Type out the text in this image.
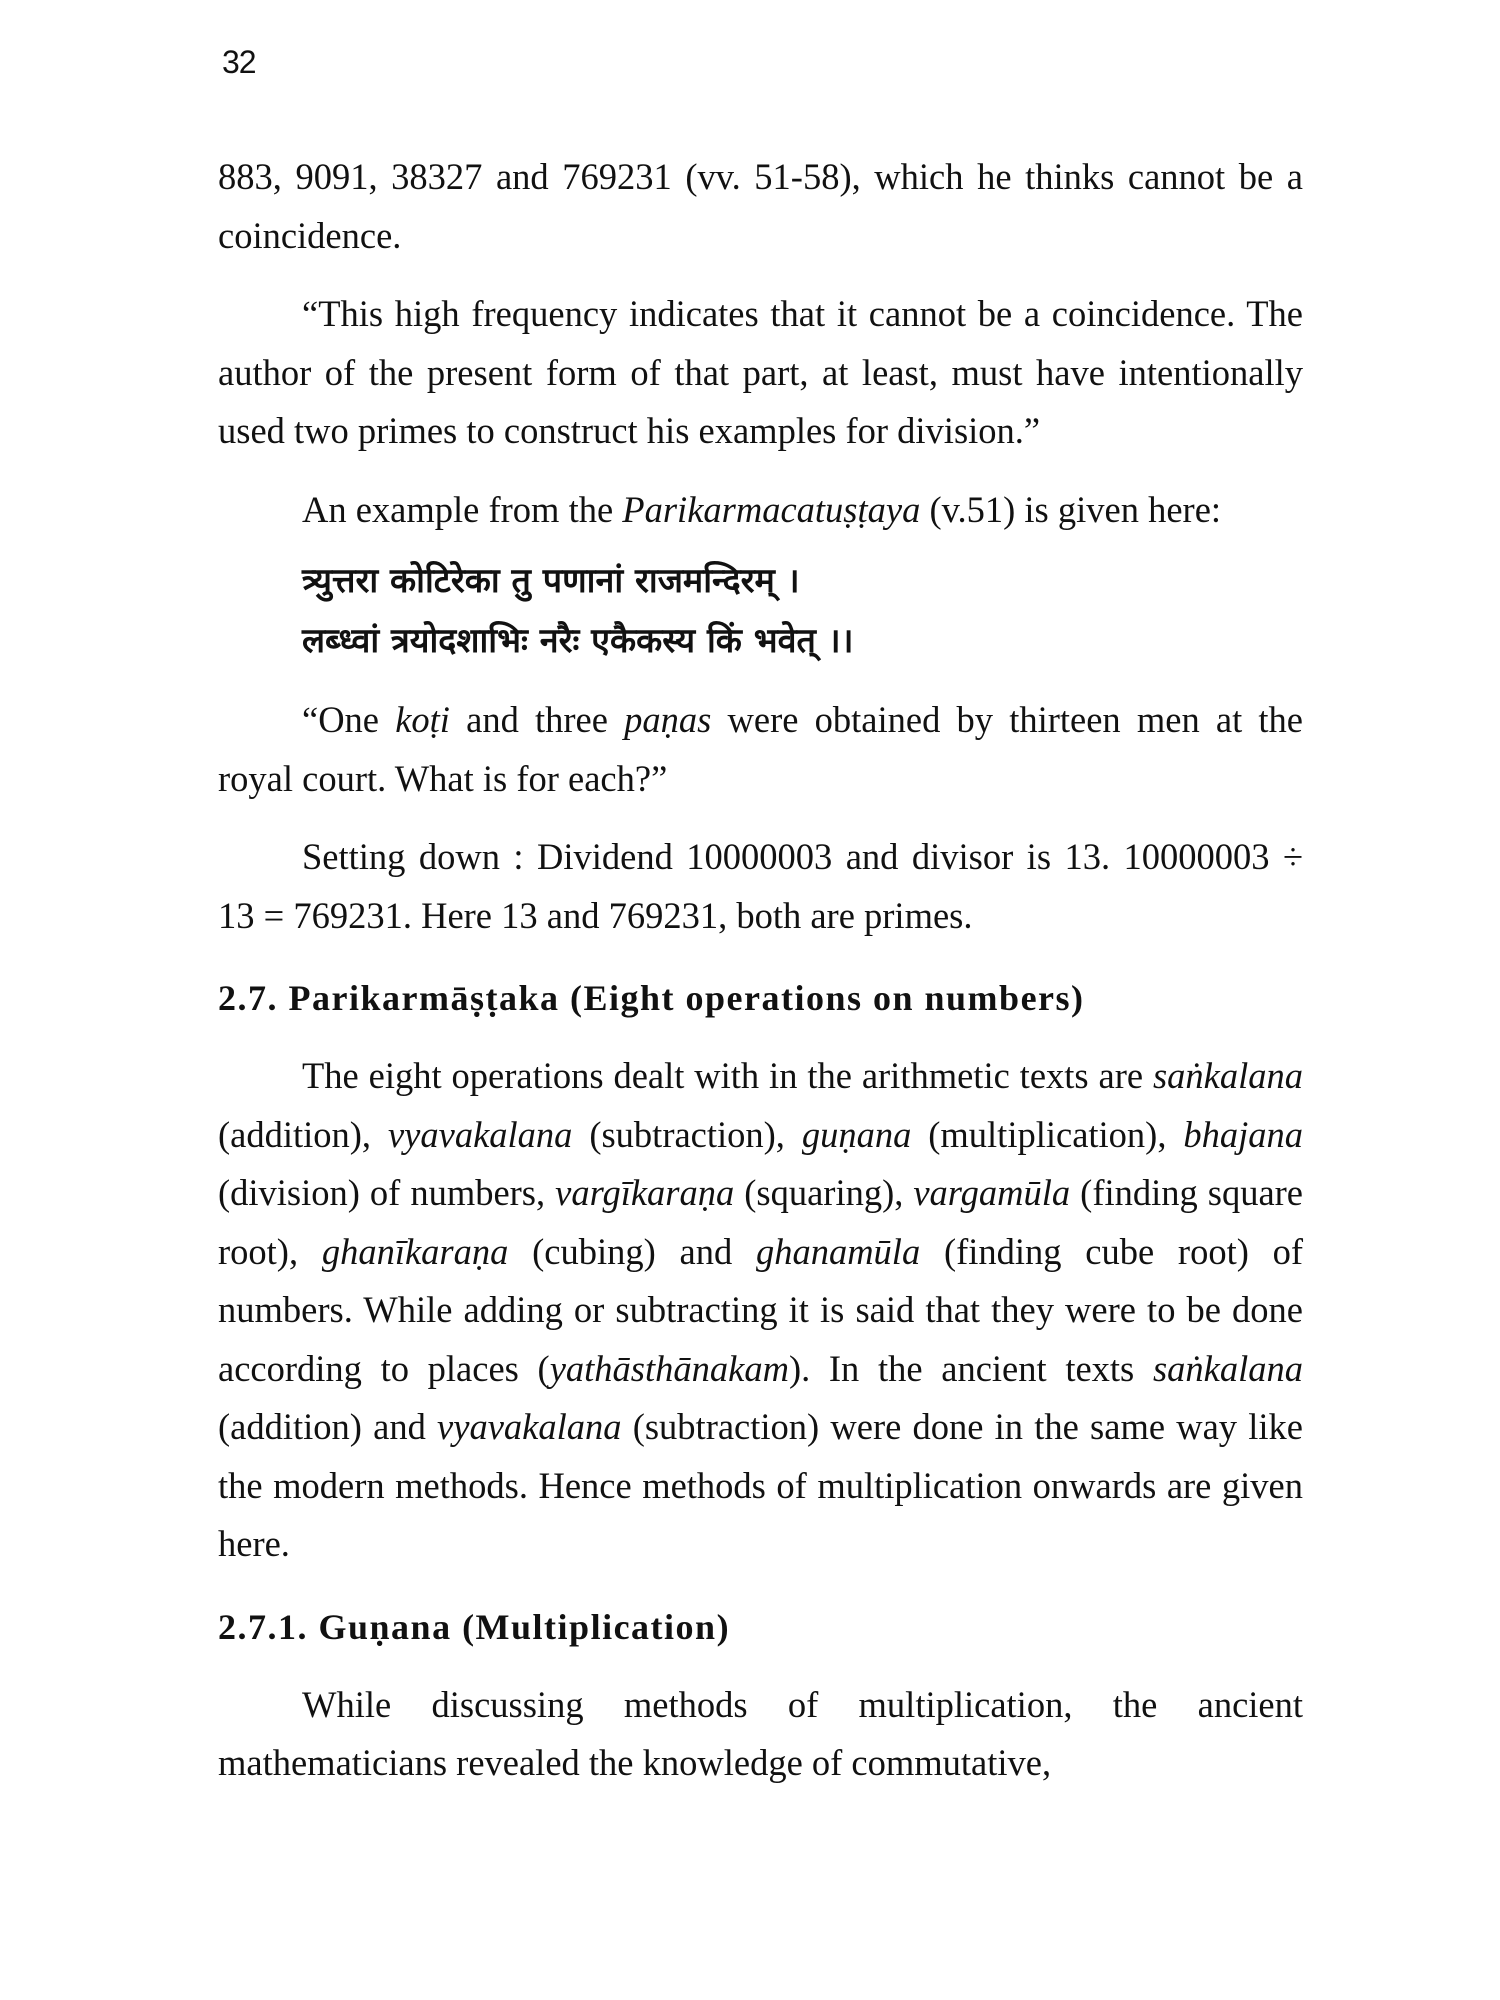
32

883, 9091, 38327 and 769231 (vv. 51-58), which he thinks cannot be a coincidence.

“This high frequency indicates that it cannot be a coincidence. The author of the present form of that part, at least, must have intentionally used two primes to construct his examples for division.”

An example from the Parikarmacatuṣṭaya (v.51) is given here:

त्र्युत्तरा कोटिरेका तु पणानां राजमन्दिरम् ।
लब्ध्वां त्रयोदशाभिः नरैः एकैकस्य किं भवेत् ।।

“One koṭi and three paṇas were obtained by thirteen men at the royal court. What is for each?”

Setting down : Dividend 10000003 and divisor is 13. 10000003 ÷ 13 = 769231. Here 13 and 769231, both are primes.

2.7. Parikarmāṣṭaka (Eight operations on numbers)

The eight operations dealt with in the arithmetic texts are saṅkalana (addition), vyavakalana (subtraction), guṇana (multiplication), bhajana (division) of numbers, vargīkaraṇa (squaring), vargamūla (finding square root), ghanīkaraṇa (cubing) and ghanamūla (finding cube root) of numbers. While adding or subtracting it is said that they were to be done according to places (yathāsthānakam). In the ancient texts saṅkalana (addition) and vyavakalana (subtraction) were done in the same way like the modern methods. Hence methods of multiplication onwards are given here.

2.7.1. Guṇana (Multiplication)

While discussing methods of multiplication, the ancient mathematicians revealed the knowledge of commutative,
